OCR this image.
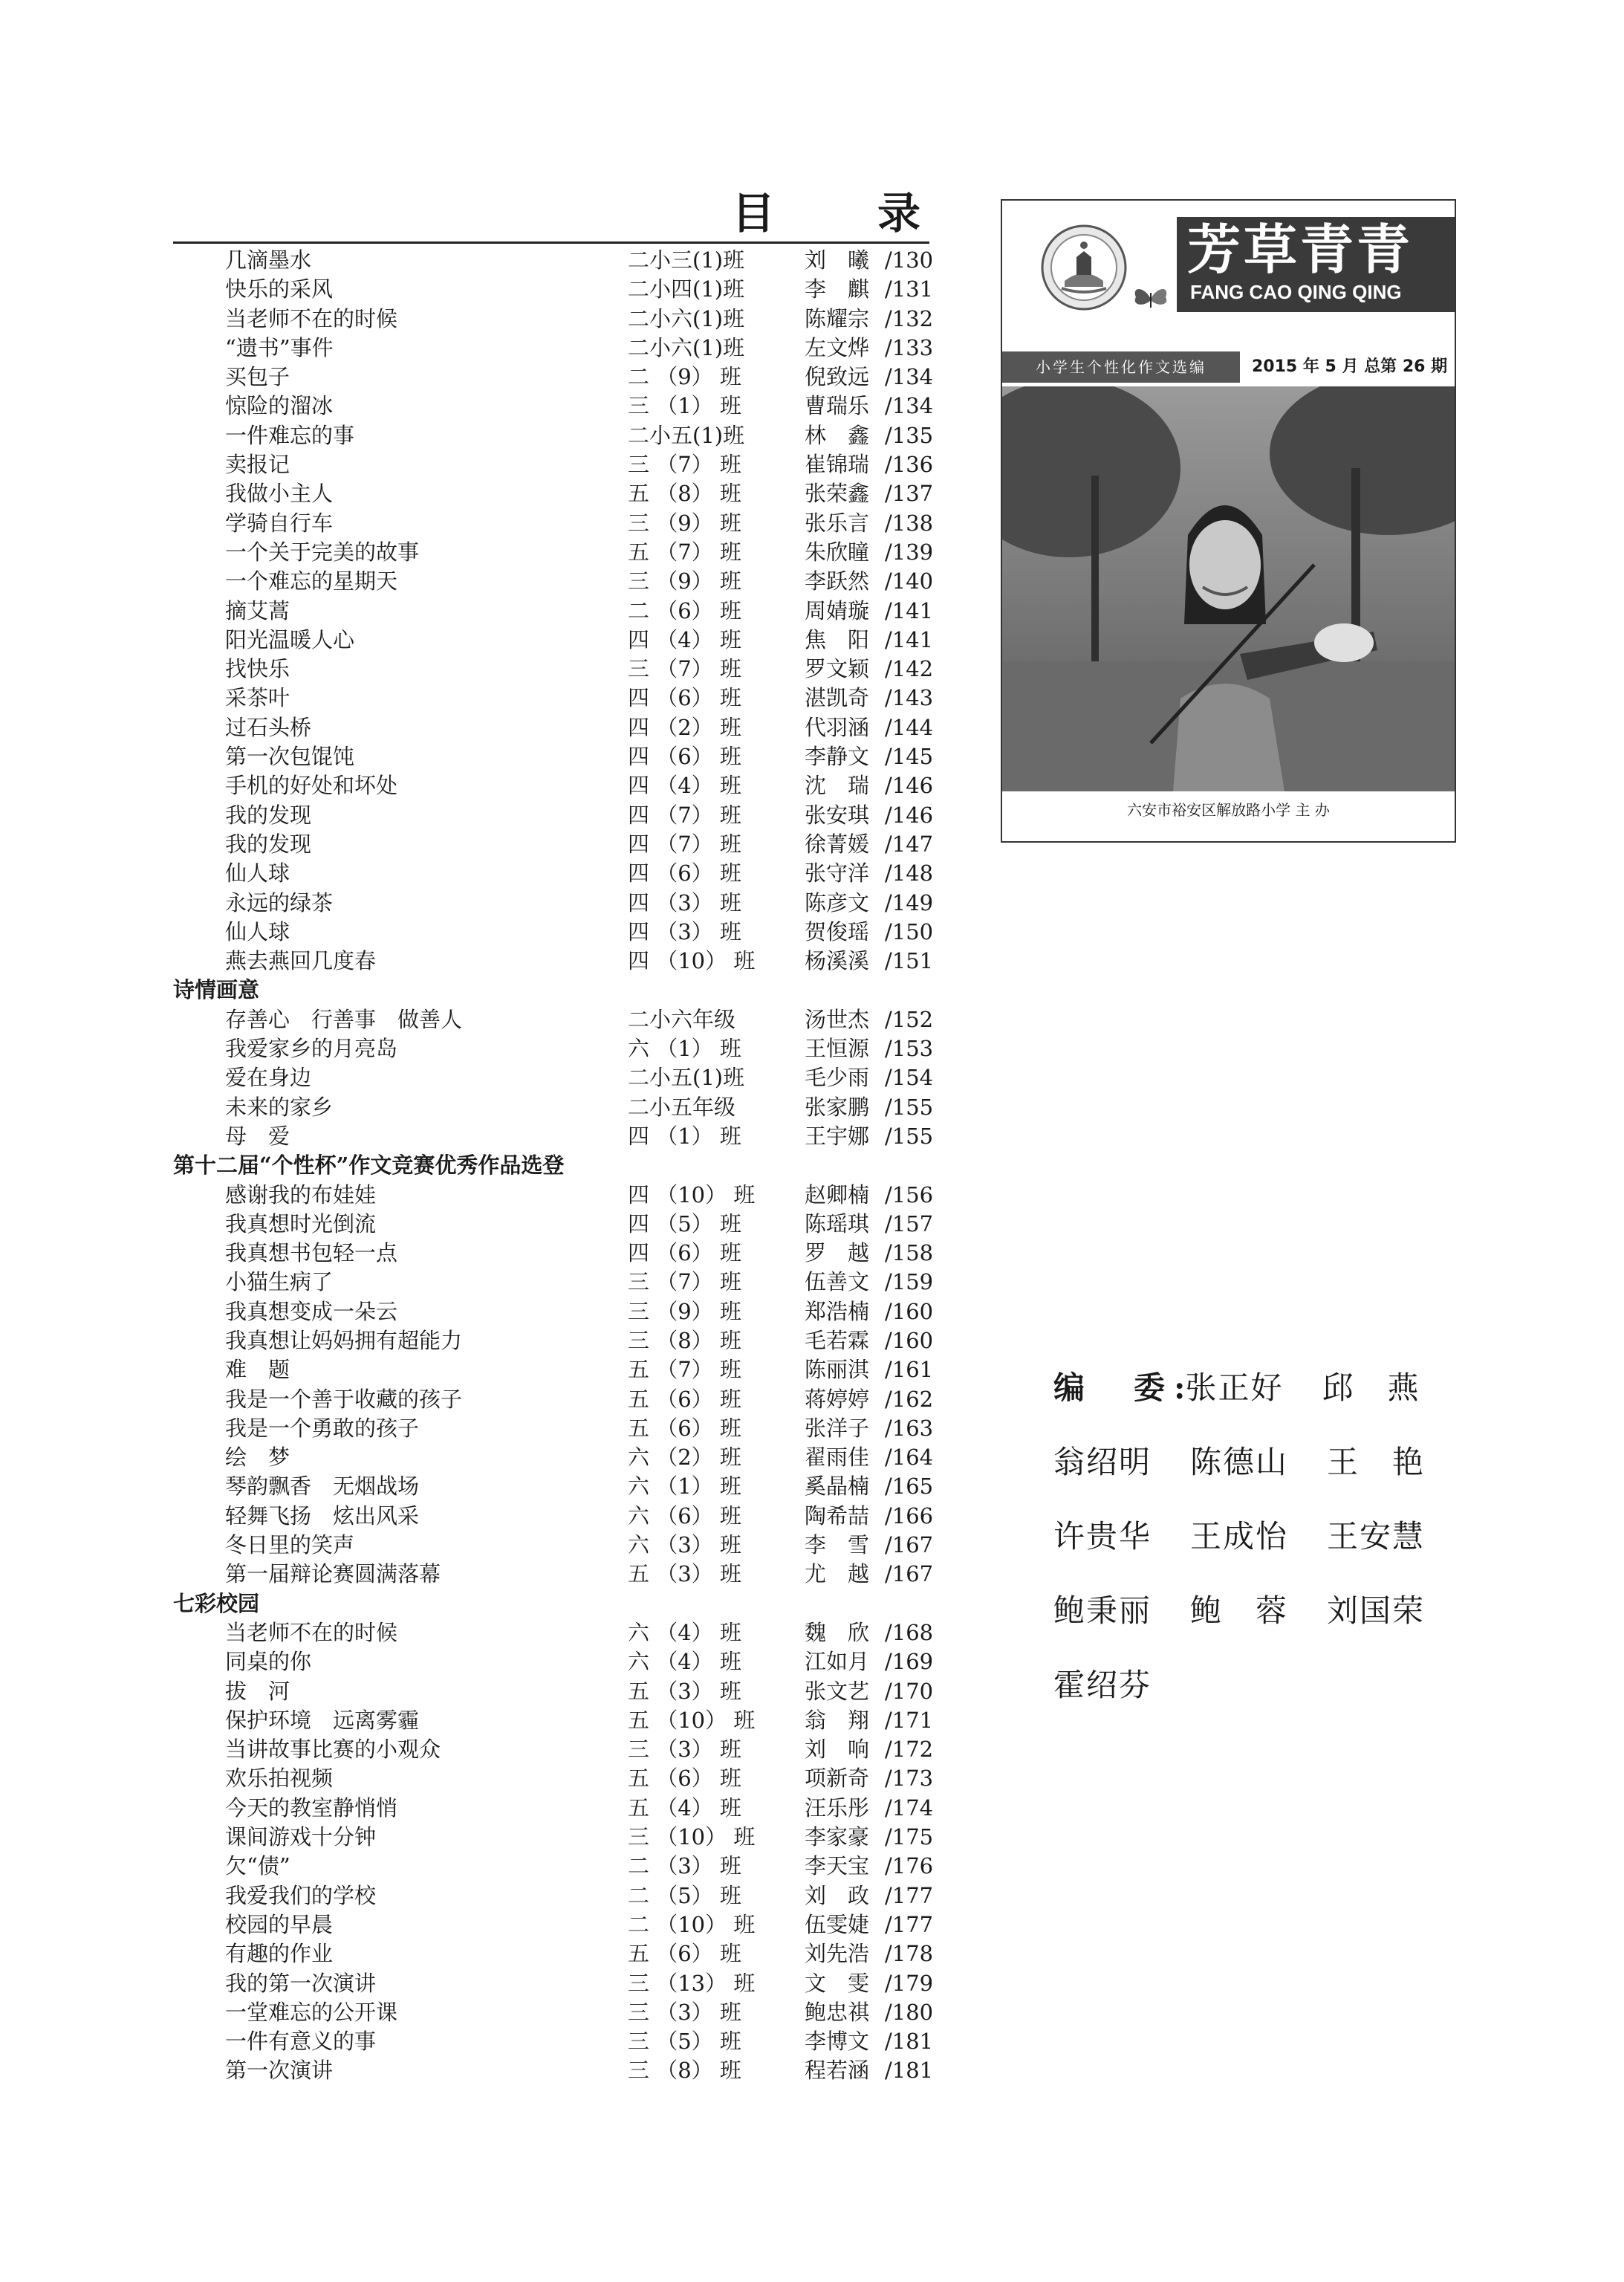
目　录
几滴墨水	二小三(1)班	刘　曦 /130
快乐的采风	二小四(1)班	李　麒 /131
当老师不在的时候	二小六(1)班	陈耀宗 /132
“遗书”事件	二小六(1)班	左文烨 /133
买包子	二 （9） 班	倪致远 /134
惊险的溜冰	三 （1） 班	曹瑞乐 /134
一件难忘的事	二小五(1)班	林　鑫 /135
卖报记	三 （7） 班	崔锦瑞 /136
我做小主人	五 （8） 班	张荣鑫 /137
学骑自行车	三 （9） 班	张乐言 /138
一个关于完美的故事	五 （7） 班	朱欣瞳 /139
一个难忘的星期天	三 （9） 班	李跃然 /140
摘艾蒿	二 （6） 班	周婧璇 /141
阳光温暖人心	四 （4） 班	焦　阳 /141
找快乐	三 （7） 班	罗文颖 /142
采茶叶	四 （6） 班	湛凯奇 /143
过石头桥	四 （2） 班	代羽涵 /144
第一次包馄饨	四 （6） 班	李静文 /145
手机的好处和坏处	四 （4） 班	沈　瑞 /146
我的发现	四 （7） 班	张安琪 /146
我的发现	四 （7） 班	徐菁媛 /147
仙人球	四 （6） 班	张守洋 /148
永远的绿茶	四 （3） 班	陈彦文 /149
仙人球	四 （3） 班	贺俊瑶 /150
燕去燕回几度春	四 （10） 班	杨溪溪 /151
诗情画意
存善心　行善事　做善人	二小六年级	汤世杰 /152
我爱家乡的月亮岛	六 （1） 班	王恒源 /153
爱在身边	二小五(1)班	毛少雨 /154
未来的家乡	二小五年级	张家鹏 /155
母　爱	四 （1） 班	王宇娜 /155
第十二届“个性杯”作文竞赛优秀作品选登
感谢我的布娃娃	四 （10） 班	赵卿楠 /156
我真想时光倒流	四 （5） 班	陈瑶琪 /157
我真想书包轻一点	四 （6） 班	罗　越 /158
小猫生病了	三 （7） 班	伍善文 /159
我真想变成一朵云	三 （9） 班	郑浩楠 /160
我真想让妈妈拥有超能力	三 （8） 班	毛若霖 /160
难　题	五 （7） 班	陈丽淇 /161
我是一个善于收藏的孩子	五 （6） 班	蒋婷婷 /162
我是一个勇敢的孩子	五 （6） 班	张洋子 /163
绘　梦	六 （2） 班	翟雨佳 /164
琴韵飘香　无烟战场	六 （1） 班	奚晶楠 /165
轻舞飞扬　炫出风采	六 （6） 班	陶希喆 /166
冬日里的笑声	六 （3） 班	李　雪 /167
第一届辩论赛圆满落幕	五 （3） 班	尤　越 /167
七彩校园
当老师不在的时候	六 （4） 班	魏　欣 /168
同桌的你	六 （4） 班	江如月 /169
拔　河	五 （3） 班	张文艺 /170
保护环境　远离雾霾	五 （10） 班	翁　翔 /171
当讲故事比赛的小观众	三 （3） 班	刘　响 /172
欢乐拍视频	五 （6） 班	项新奇 /173
今天的教室静悄悄	五 （4） 班	汪乐彤 /174
课间游戏十分钟	三 （10） 班	李家豪 /175
欠“债”	二 （3） 班	李天宝 /176
我爱我们的学校	二 （5） 班	刘　政 /177
校园的早晨	二 （10） 班	伍雯婕 /177
有趣的作业	五 （6） 班	刘先浩 /178
我的第一次演讲	三 （13） 班	文　雯 /179
一堂难忘的公开课	三 （3） 班	鲍忠祺 /180
一件有意义的事	三 （5） 班	李博文 /181
第一次演讲	三 （8） 班	程若涵 /181
芳草青青
FANG CAO QING QING
小学生个性化作文选编	2015 年 5 月 总第 26 期
六安市裕安区解放路小学 主 办
编　委:张正好 邱　燕
翁绍明 陈德山 王　艳
许贵华 王成怡 王安慧
鲍秉丽 鲍　蓉 刘国荣
霍绍芬
